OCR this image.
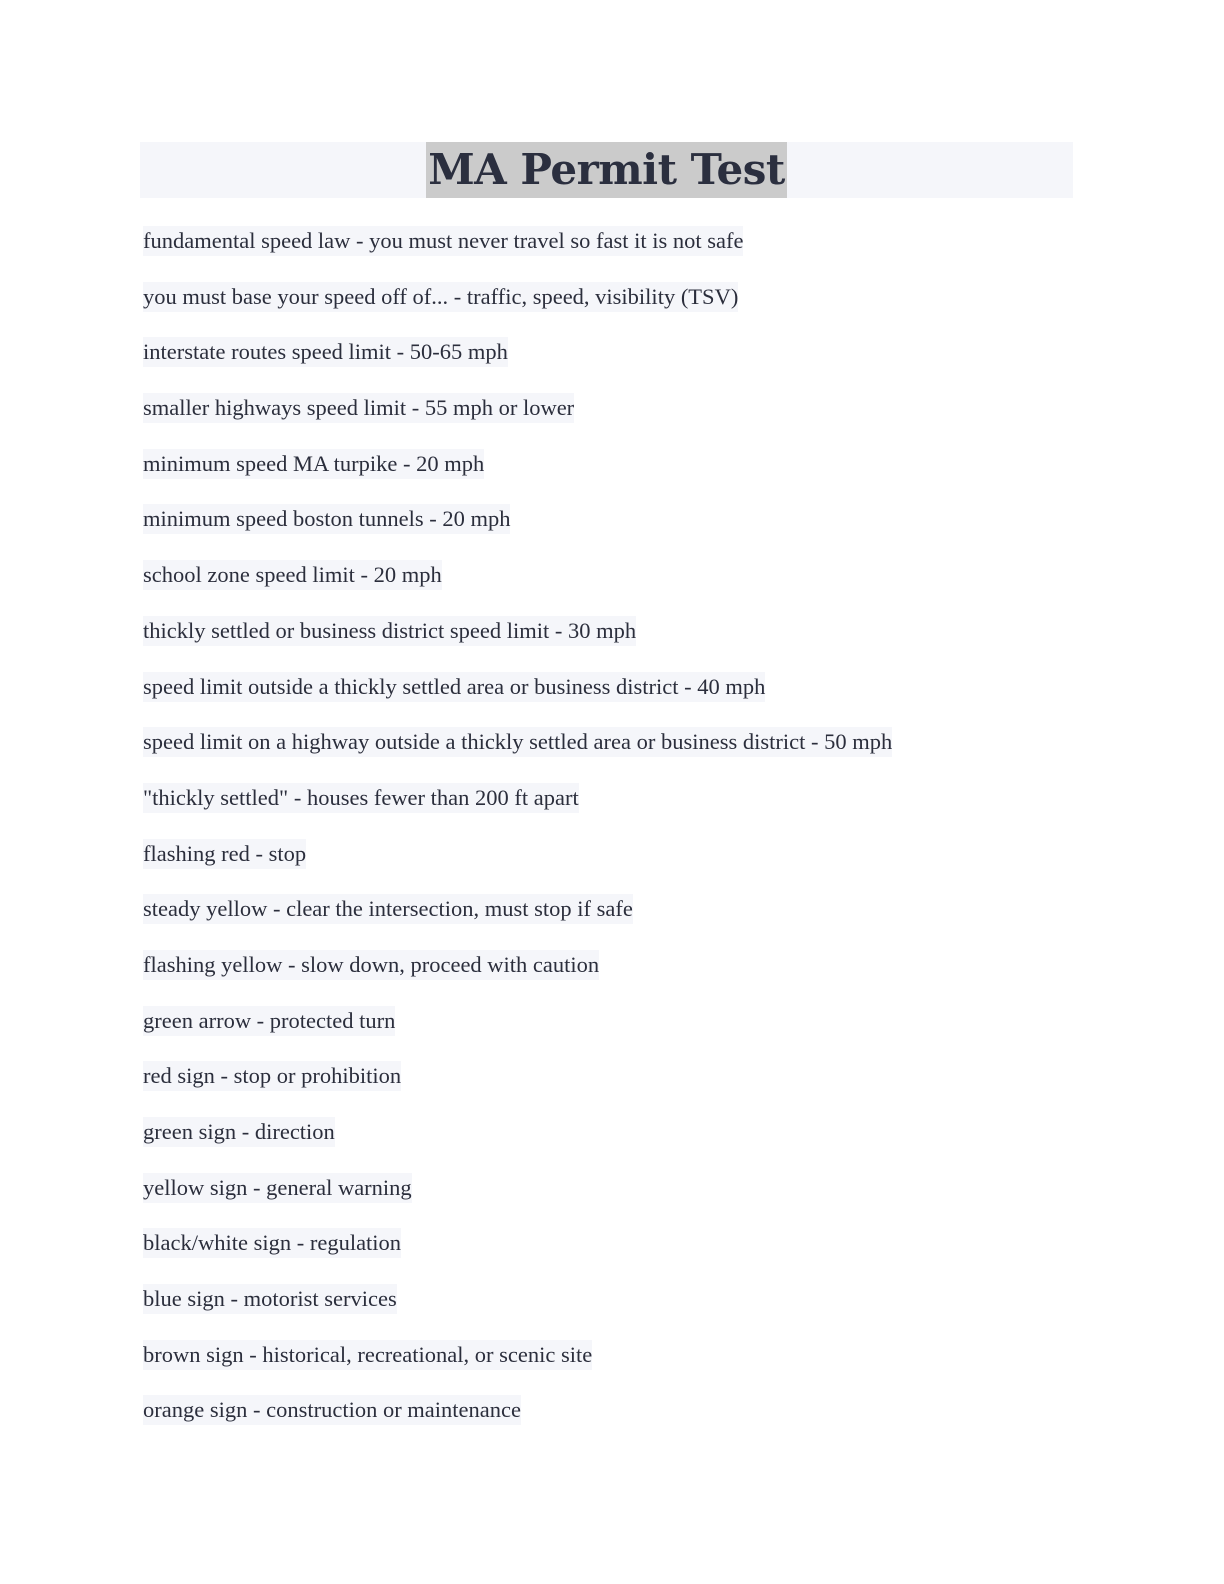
MA Permit Test
fundamental speed law - you must never travel so fast it is not safe
you must base your speed off of... - traffic, speed, visibility (TSV)
interstate routes speed limit - 50-65 mph
smaller highways speed limit - 55 mph or lower
minimum speed MA turpike - 20 mph
minimum speed boston tunnels - 20 mph
school zone speed limit - 20 mph
thickly settled or business district speed limit - 30 mph
speed limit outside a thickly settled area or business district - 40 mph
speed limit on a highway outside a thickly settled area or business district - 50 mph
"thickly settled" - houses fewer than 200 ft apart
flashing red - stop
steady yellow - clear the intersection, must stop if safe
flashing yellow - slow down, proceed with caution
green arrow - protected turn
red sign - stop or prohibition
green sign - direction
yellow sign - general warning
black/white sign - regulation
blue sign - motorist services
brown sign - historical, recreational, or scenic site
orange sign - construction or maintenance
